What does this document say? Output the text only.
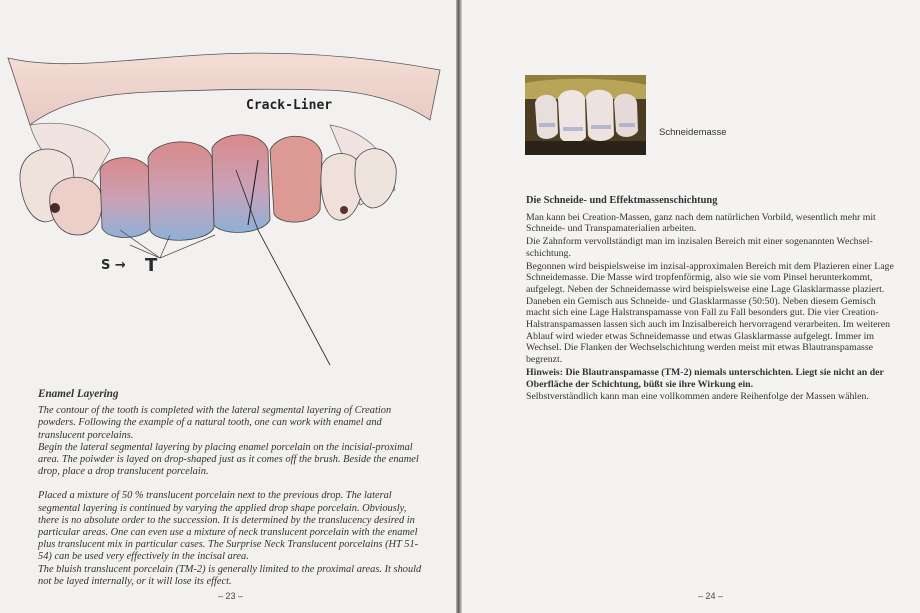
Crack-Liner
S → T
Enamel Layering

The contour of the tooth is completed with the lateral segmental layering of Creation powders. Following the example of a natural tooth, one can work with enamel and translucent porcelains.
Begin the lateral segmental layering by placing enamel porcelain on the incisial-proximal area. The poiwder is layed on drop-shaped just as it comes off the brush. Beside the enamel drop, place a drop translucent porcelain.

Placed a mixture of 50 % translucent porcelain next to the previous drop. The lateral segmental layering is continued by varying the applied drop shape porcelain. Obviously, there is no absolute order to the succession. It is determined by the translucency desired in particular areas. One can even use a mixture of neck translucent porcelain with the enamel plus translucent mix in particular cases. The Surprise Neck Translucent porcelains (HT 51-54) can be used very effectively in the incisal area.
The bluish translucent porcelain (TM-2) is generally limited to the proximal areas. It should not be layed internally, or it will lose its effect.

– 23 –
Schneidemasse
Die Schneide- und Effektmassenschichtung

Man kann bei Creation-Massen, ganz nach dem natürlichen Vorbild, wesentlich mehr mit Schneide- und Transpamaterialien arbeiten.

Die Zahnform vervollständigt man im inzisalen Bereich mit einer sogenannten Wechsel-schichtung.

Begonnen wird beispielsweise im inzisal-approximalen Bereich mit dem Plazieren einer Lage Schneidemasse. Die Masse wird tropfenförmig, also wie sie vom Pinsel herunterkommt, aufgelegt. Neben der Schneidemasse wird beispielsweise eine Lage Glasklarmasse plaziert. Daneben ein Gemisch aus Schneide- und Glasklarmasse (50:50). Neben diesem Gemisch macht sich eine Lage Halstranspamasse von Fall zu Fall besonders gut. Die vier Creation-Halstranspamassen lassen sich auch im Inzisalbereich hervorragend verarbeiten. Im weiteren Ablauf wird wieder etwas Schneidemasse und etwas Glasklarmasse aufgelegt. Immer im Wechsel. Die Flanken der Wechselschichtung werden meist mit etwas Blautranspamasse begrenzt.

Hinweis: Die Blautranspamasse (TM-2) niemals unterschichten. Liegt sie nicht an der Oberfläche der Schichtung, büßt sie ihre Wirkung ein.

Selbstverständlich kann man eine vollkommen andere Reihenfolge der Massen wählen.

– 24 –
